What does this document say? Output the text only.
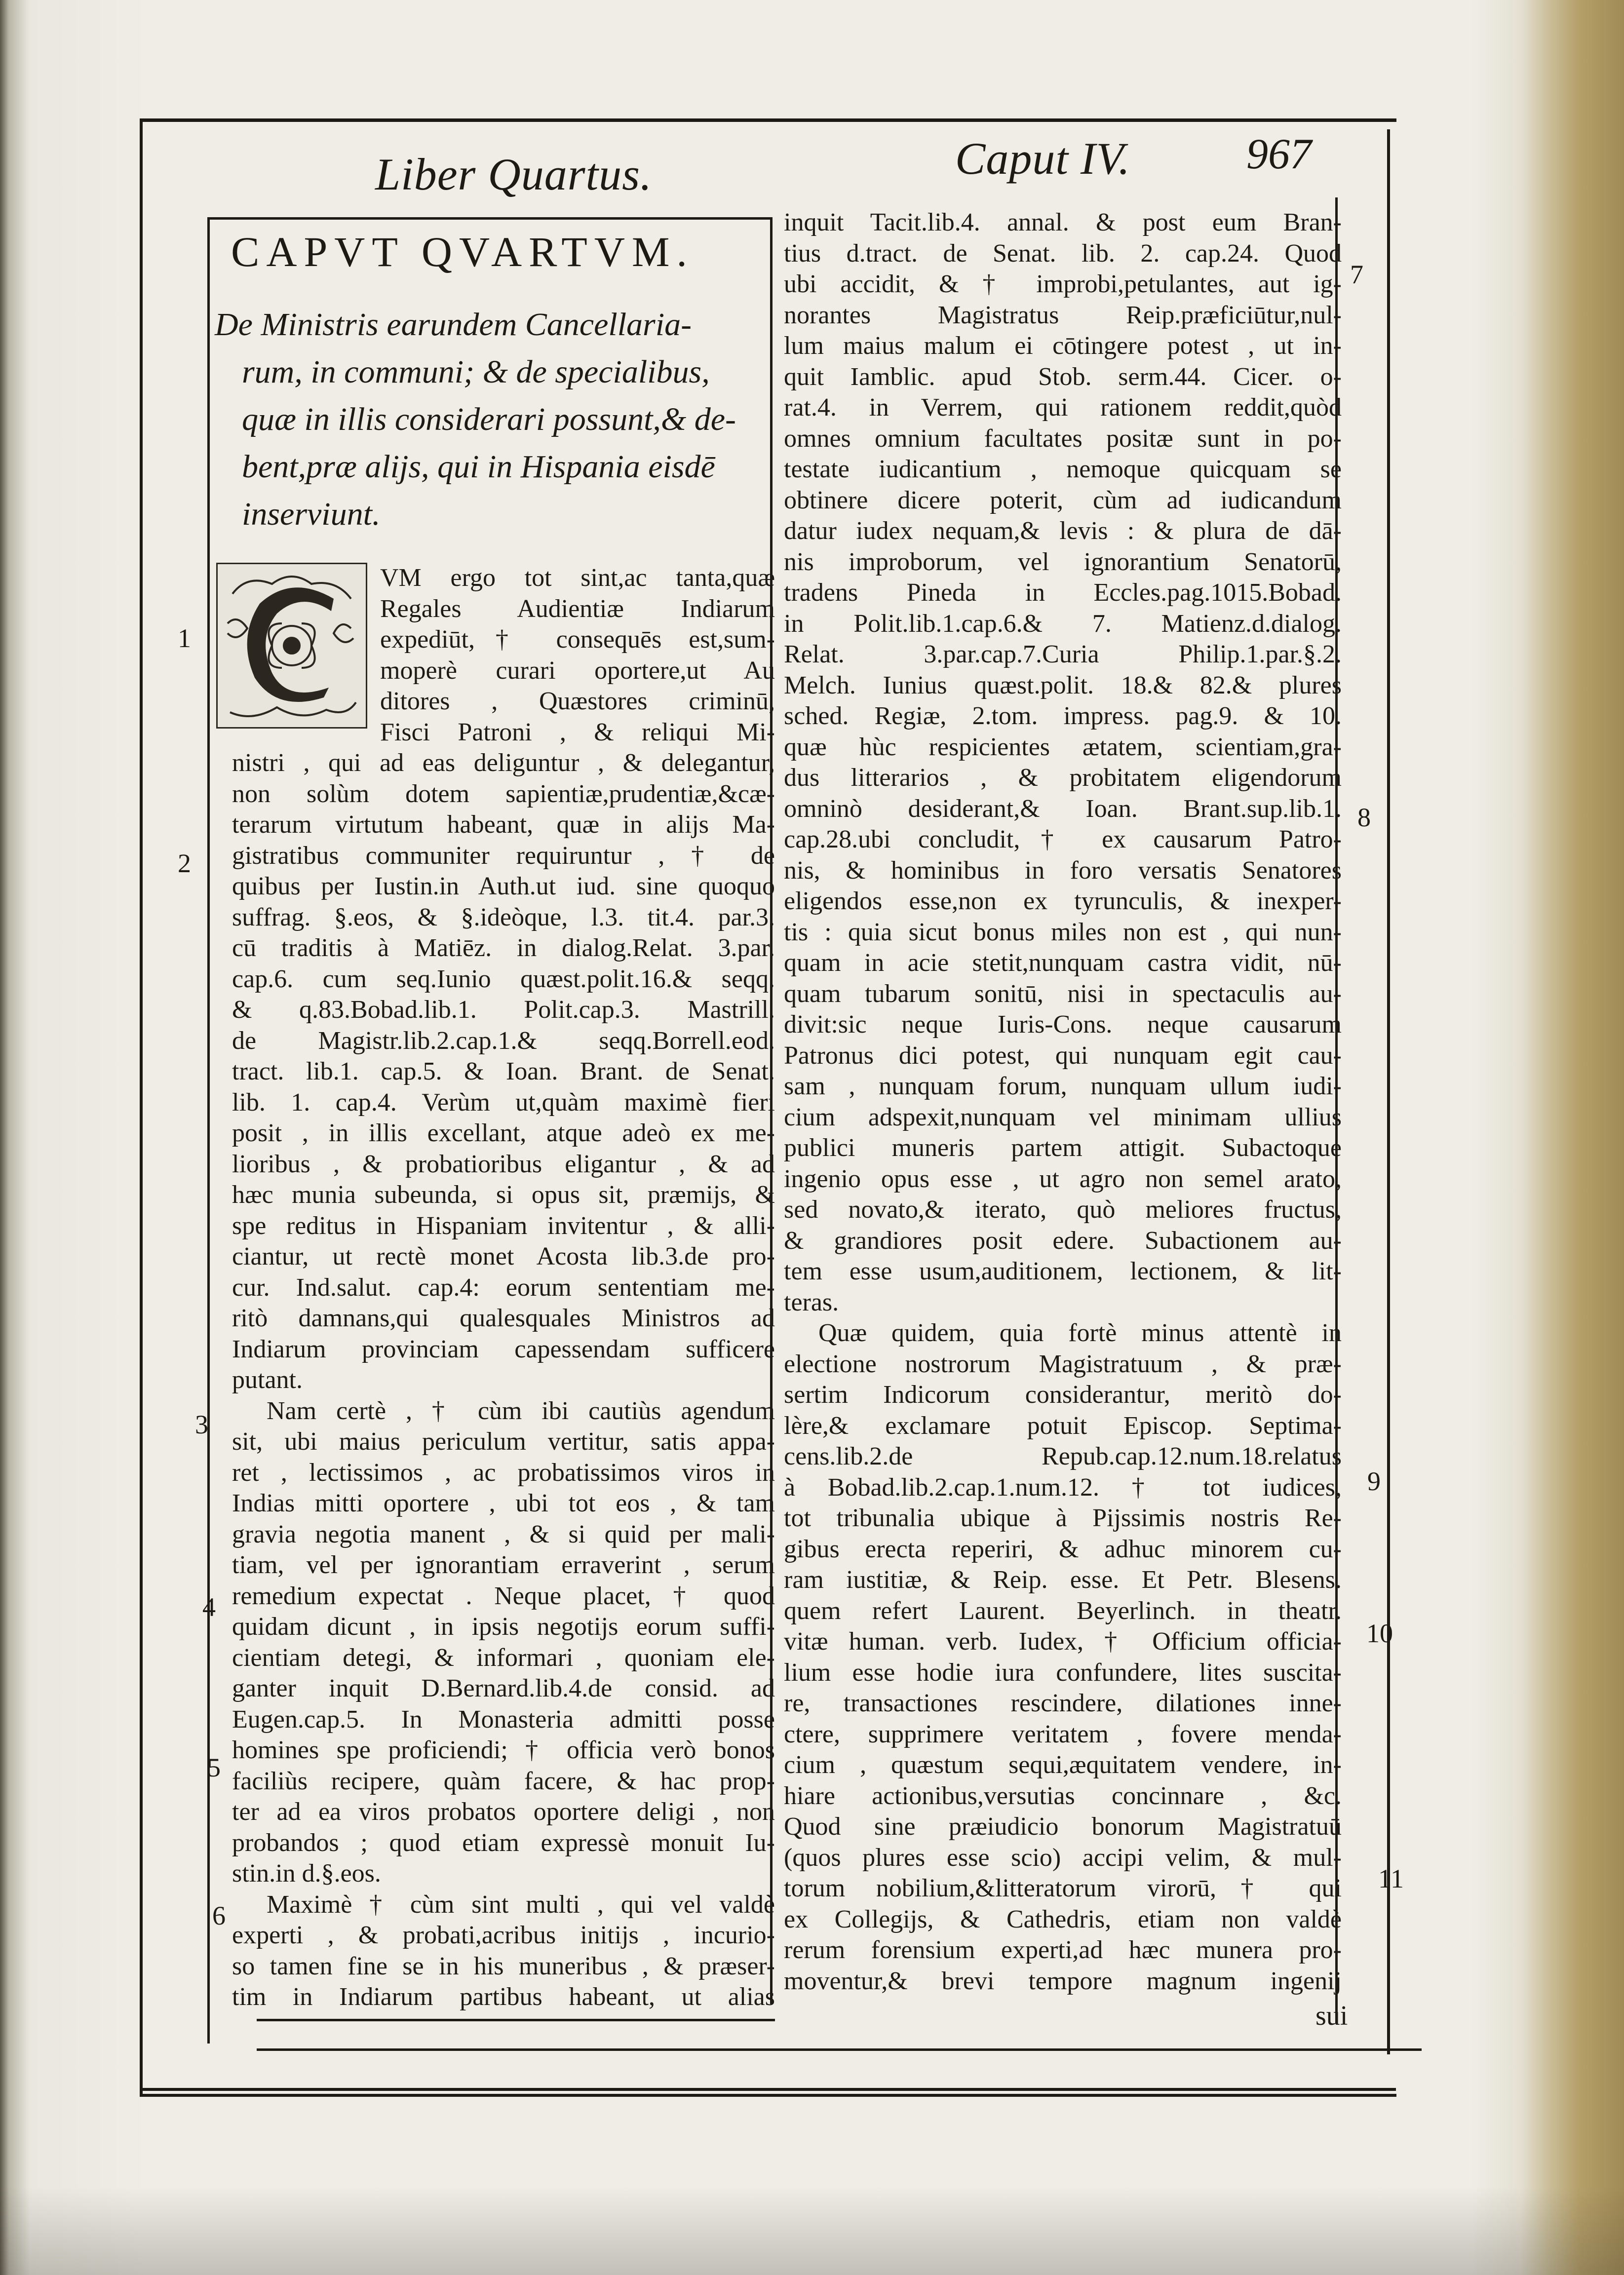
Liber Quartus.	Caput IV.	967
CAPVT QVARTVM.
De Ministris earundem Cancellaria-
rum, in communi; & de specialibus,
quæ in illis considerari possunt,& de-
bent,præ alijs, qui in Hispania eisdē
inserviunt.
VM ergo tot sint,ac tanta,quæ
Regales Audientiæ Indiarum
expediūt,† consequēs est,sum-
moperè curari oportere,ut Au
ditores , Quæstores criminū,
Fisci Patroni , & reliqui Mi-
nistri , qui ad eas deliguntur , & delegantur,
non solùm dotem sapientiæ,prudentiæ,&cæ-
terarum virtutum habeant, quæ in alijs Ma-
gistratibus communiter requiruntur , † de
quibus per Iustin.in Auth.ut iud. sine quoquo
suffrag. §.eos, & §.ideòque, l.3. tit.4. par.3.
cū traditis à Matiēz. in dialog.Relat. 3.par.
cap.6. cum seq.Iunio quæst.polit.16.& seqq.
& q.83.Bobad.lib.1. Polit.cap.3. Mastrill.
de Magistr.lib.2.cap.1.& seqq.Borrell.eod.
tract. lib.1. cap.5. & Ioan. Brant. de Senat.
lib. 1. cap.4. Verùm ut,quàm maximè fieri
posit , in illis excellant, atque adeò ex me-
lioribus , & probatioribus eligantur , & ad
hæc munia subeunda, si opus sit, præmijs, &
spe reditus in Hispaniam invitentur , & alli-
ciantur, ut rectè monet Acosta lib.3.de pro-
cur. Ind.salut. cap.4: eorum sententiam me-
ritò damnans,qui qualesquales Ministros ad
Indiarum provinciam capessendam sufficere
putant.
Nam certè , † cùm ibi cautiùs agendum
sit, ubi maius periculum vertitur, satis appa-
ret , lectissimos , ac probatissimos viros in
Indias mitti oportere , ubi tot eos , & tam
gravia negotia manent , & si quid per mali-
tiam, vel per ignorantiam erraverint , serum
remedium expectat . Neque placet, † quod
quidam dicunt , in ipsis negotijs eorum suffi-
cientiam detegi, & informari , quoniam ele-
ganter inquit D.Bernard.lib.4.de consid. ad
Eugen.cap.5. In Monasteria admitti posse
homines spe proficiendi; † officia verò bonos
faciliùs recipere, quàm facere, & hac prop-
ter ad ea viros probatos oportere deligi , non
probandos ; quod etiam expressè monuit Iu-
stin.in d.§.eos.
Maximè † cùm sint multi , qui vel valdè
experti , & probati,acribus initijs , incurio-
so tamen fine se in his muneribus , & præser-
tim in Indiarum partibus habeant, ut alias
inquit Tacit.lib.4. annal. & post eum Bran-
tius d.tract. de Senat. lib. 2. cap.24. Quod
ubi accidit, & † improbi,petulantes, aut ig-
norantes Magistratus Reip.præficiūtur,nul-
lum maius malum ei cōtingere potest , ut in-
quit Iamblic. apud Stob. serm.44. Cicer. o-
rat.4. in Verrem, qui rationem reddit,quòd
omnes omnium facultates positæ sunt in po-
testate iudicantium , nemoque quicquam se
obtinere dicere poterit, cùm ad iudicandum
datur iudex nequam,& levis : & plura de dā-
nis improborum, vel ignorantium Senatorū,
tradens Pineda in Eccles.pag.1015.Bobad.
in Polit.lib.1.cap.6.& 7. Matienz.d.dialog.
Relat. 3.par.cap.7.Curia Philip.1.par.§.2.
Melch. Iunius quæst.polit. 18.& 82.& plures
sched. Regiæ, 2.tom. impress. pag.9. & 10.
quæ hùc respicientes ætatem, scientiam,gra-
dus litterarios , & probitatem eligendorum
omninò desiderant,& Ioan. Brant.sup.lib.1.
cap.28.ubi concludit,† ex causarum Patro-
nis, & hominibus in foro versatis Senatores
eligendos esse,non ex tyrunculis, & inexper-
tis : quia sicut bonus miles non est , qui nun-
quam in acie stetit,nunquam castra vidit, nū-
quam tubarum sonitū, nisi in spectaculis au-
divit:sic neque Iuris-Cons. neque causarum
Patronus dici potest, qui nunquam egit cau-
sam , nunquam forum, nunquam ullum iudi-
cium adspexit,nunquam vel minimam ullius
publici muneris partem attigit. Subactoque
ingenio opus esse , ut agro non semel arato,
sed novato,& iterato, quò meliores fructus,
& grandiores posit edere. Subactionem au-
tem esse usum,auditionem, lectionem, & lit-
teras.
Quæ quidem, quia fortè minus attentè in
electione nostrorum Magistratuum , & præ-
sertim Indicorum considerantur, meritò do-
lère,& exclamare potuit Episcop. Septima-
cens.lib.2.de Repub.cap.12.num.18.relatus
à Bobad.lib.2.cap.1.num.12. † tot iudices,
tot tribunalia ubique à Pijssimis nostris Re-
gibus erecta reperiri, & adhuc minorem cu-
ram iustitiæ, & Reip. esse. Et Petr. Blesens.
quem refert Laurent. Beyerlinch. in theatr.
vitæ human. verb. Iudex, † Officium officia-
lium esse hodie iura confundere, lites suscita-
re, transactiones rescindere, dilationes inne-
ctere, supprimere veritatem , fovere menda-
cium , quæstum sequi,æquitatem vendere, in-
hiare actionibus,versutias concinnare , &c.
Quod sine præiudicio bonorum Magistratuū
(quos plures esse scio) accipi velim, & mul-
torum nobilium,&litteratorum virorū,† qui
ex Collegijs, & Cathedris, etiam non valdè
rerum forensium experti,ad hæc munera pro-
moventur,& brevi tempore magnum ingenij
1
2
3
4
5
6
7
8
9
10
11
sui
